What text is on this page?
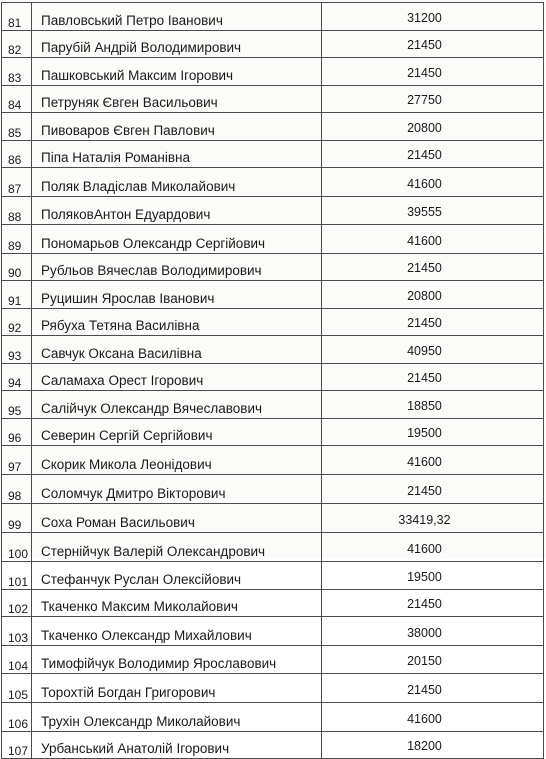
81	Павловський Петро Іванович	31200
82	Парубій Андрій Володимирович	21450
83	Пашковський Максим Ігорович	21450
84	Петруняк Євген Васильович	27750
85	Пивоваров Євген Павлович	20800
86	Піпа Наталія Романівна	21450
87	Поляк Владіслав Миколайович	41600
88	ПоляковАнтон Едуардович	39555
89	Пономарьов Олександр Сергійович	41600
90	Рубльов Вячеслав Володимирович	21450
91	Руцишин Ярослав Іванович	20800
92	Рябуха Тетяна Василівна	21450
93	Савчук Оксана Василівна	40950
94	Саламаха Орест Ігорович	21450
95	Салійчук Олександр Вячеславович	18850
96	Северин Сергій Сергійович	19500
97	Скорик Микола Леонідович	41600
98	Соломчук Дмитро Вікторович	21450
99	Соха Роман Васильович	33419,32
100	Стернійчук Валерій Олександрович	41600
101	Стефанчук Руслан Олексійович	19500
102	Ткаченко Максим Миколайович	21450
103	Ткаченко Олександр Михайлович	38000
104	Тимофійчук Володимир Ярославович	20150
105	Торохтій Богдан Григорович	21450
106	Трухін Олександр Миколайович	41600
107	Урбанський Анатолій Ігорович	18200
